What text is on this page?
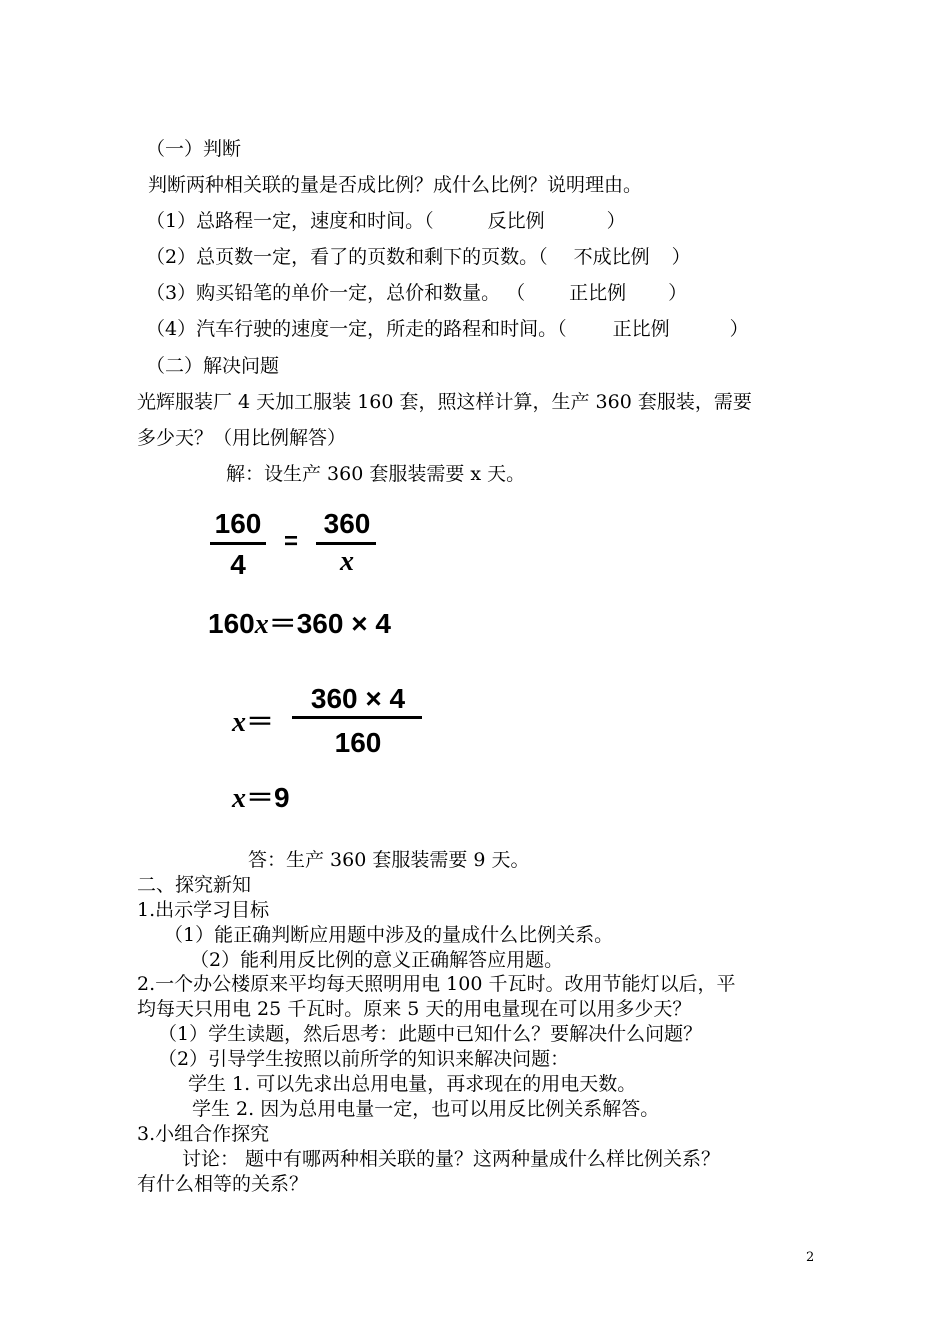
（一）判断
判断两种相关联的量是否成比例？成什么比例？说明理由。
（1）总路程一定，速度和时间。（	反比例	）
（2）总页数一定，看了的页数和剩下的页数。（ 不成比例 ）
（3）购买铅笔的单价一定，总价和数量。 （ 正比例 ）
（4）汽车行驶的速度一定，所走的路程和时间。（ 正比例	）
（二）解决问题
光辉服装厂 4 天加工服装 160 套，照这样计算，生产 360 套服装，需要
多少天？（用比例解答）
解：设生产 360 套服装需要 x 天。
160
4
=
360
x
160x＝360 × 4
x＝
360 × 4
160
x＝9
答：生产 360 套服装需要 9 天。
二、探究新知
1.出示学习目标
（1）能正确判断应用题中涉及的量成什么比例关系。
（2）能利用反比例的意义正确解答应用题。
2.一个办公楼原来平均每天照明用电 100 千瓦时。改用节能灯以后，平
均每天只用电 25 千瓦时。原来 5 天的用电量现在可以用多少天？
（1）学生读题，然后思考：此题中已知什么？要解决什么问题？
（2）引导学生按照以前所学的知识来解决问题：
学生 1. 可以先求出总用电量，再求现在的用电天数。
学生 2. 因为总用电量一定，也可以用反比例关系解答。
3.小组合作探究
讨论： 题中有哪两种相关联的量？这两种量成什么样比例关系？
有什么相等的关系？
2
